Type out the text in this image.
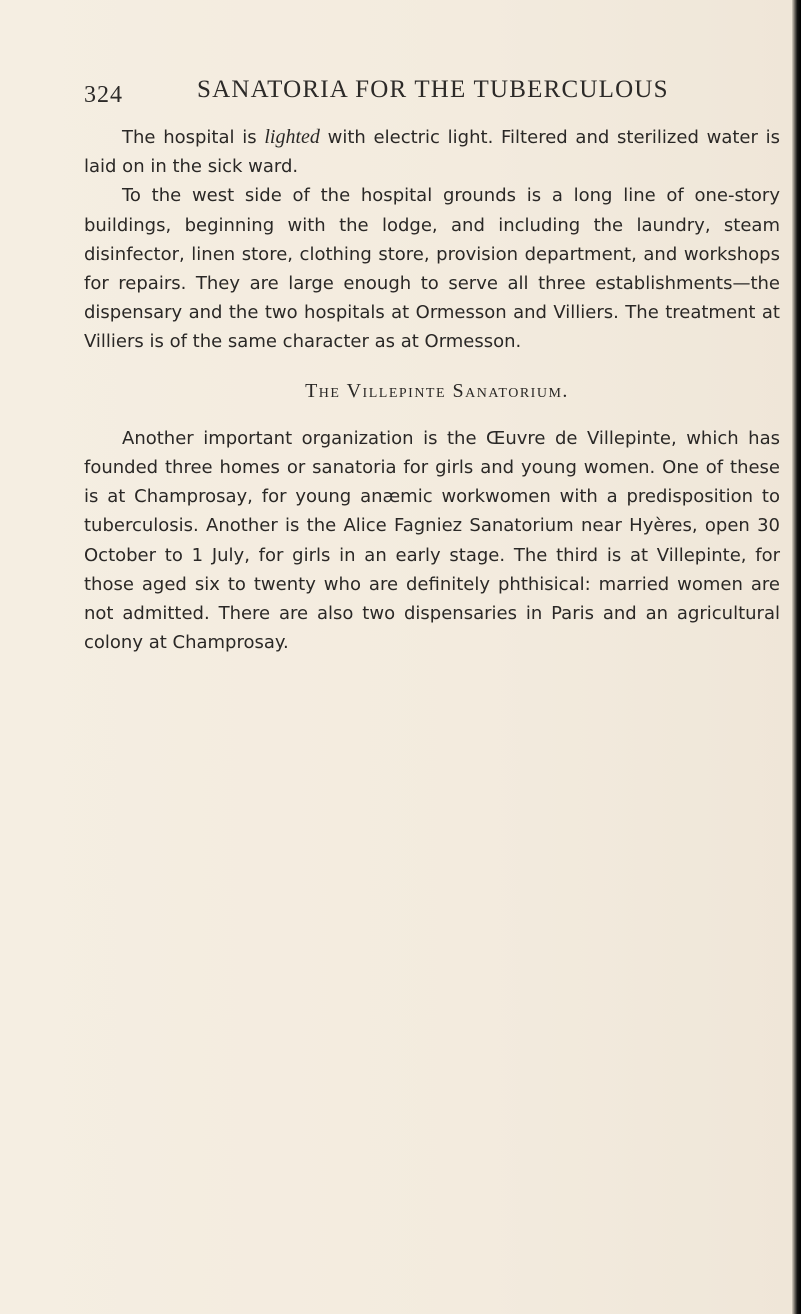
324	SANATORIA FOR THE TUBERCULOUS

The hospital is lighted with electric light. Filtered and sterilized water is laid on in the sick ward.

To the west side of the hospital grounds is a long line of one-story buildings, beginning with the lodge, and including the laundry, steam disinfector, linen store, clothing store, provision department, and workshops for repairs. They are large enough to serve all three establishments—the dispensary and the two hospitals at Ormesson and Villiers. The treatment at Villiers is of the same character as at Ormesson.

The Villepinte Sanatorium.

Another important organization is the Œuvre de Villepinte, which has founded three homes or sanatoria for girls and young women. One of these is at Champrosay, for young anæmic workwomen with a predisposition to tuberculosis. Another is the Alice Fagniez Sanatorium near Hyères, open 30 October to 1 July, for girls in an early stage. The third is at Villepinte, for those aged six to twenty who are definitely phthisical: married women are not admitted. There are also two dispensaries in Paris and an agricultural colony at Champrosay.
